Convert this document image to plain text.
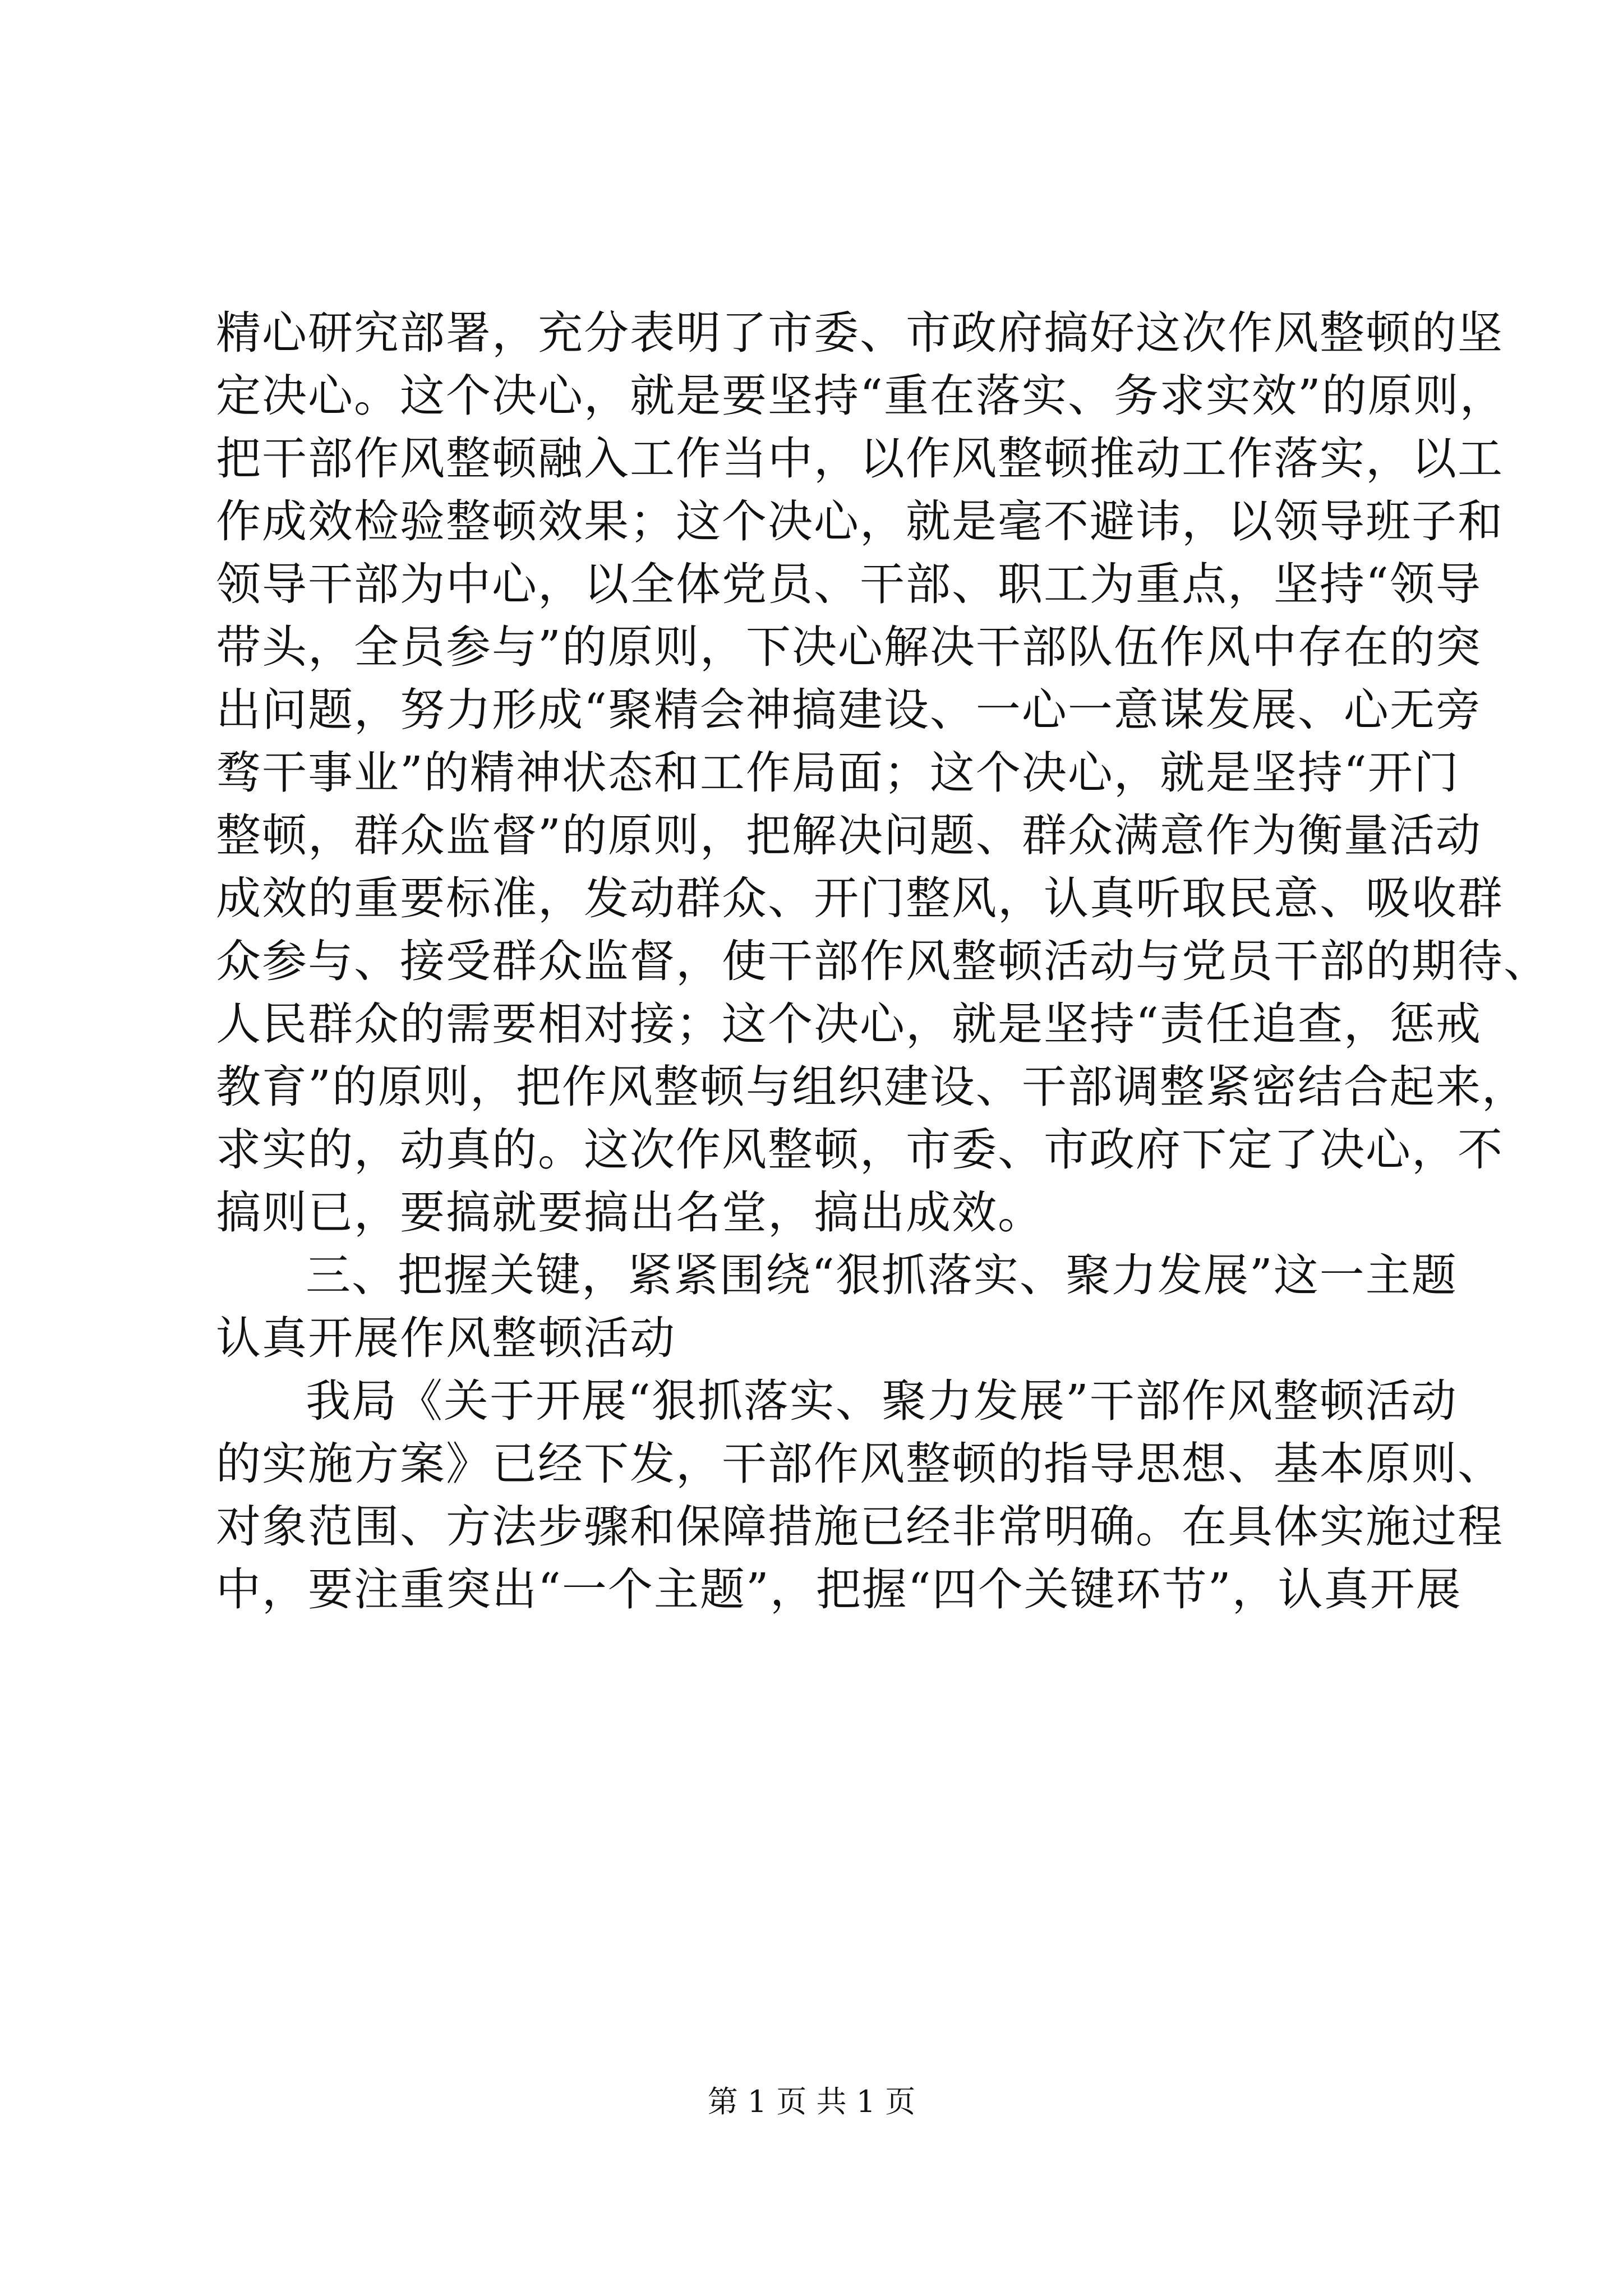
精心研究部署，充分表明了市委、市政府搞好这次作风整顿的坚
定决心。这个决心，就是要坚持“重在落实、务求实效”的原则，
把干部作风整顿融入工作当中，以作风整顿推动工作落实，以工
作成效检验整顿效果；这个决心，就是毫不避讳，以领导班子和
领导干部为中心，以全体党员、干部、职工为重点，坚持“领导
带头，全员参与”的原则，下决心解决干部队伍作风中存在的突
出问题，努力形成“聚精会神搞建设、一心一意谋发展、心无旁
骛干事业”的精神状态和工作局面；这个决心，就是坚持“开门
整顿，群众监督”的原则，把解决问题、群众满意作为衡量活动
成效的重要标准，发动群众、开门整风，认真听取民意、吸收群
众参与、接受群众监督，使干部作风整顿活动与党员干部的期待、
人民群众的需要相对接；这个决心，就是坚持“责任追查，惩戒
教育”的原则，把作风整顿与组织建设、干部调整紧密结合起来，
求实的，动真的。这次作风整顿，市委、市政府下定了决心，不
搞则已，要搞就要搞出名堂，搞出成效。
三、把握关键，紧紧围绕“狠抓落实、聚力发展”这一主题
认真开展作风整顿活动
我局《关于开展“狠抓落实、聚力发展”干部作风整顿活动
的实施方案》已经下发，干部作风整顿的指导思想、基本原则、
对象范围、方法步骤和保障措施已经非常明确。在具体实施过程
中，要注重突出“一个主题”，把握“四个关键环节”，认真开展
第 1 页 共 1 页
